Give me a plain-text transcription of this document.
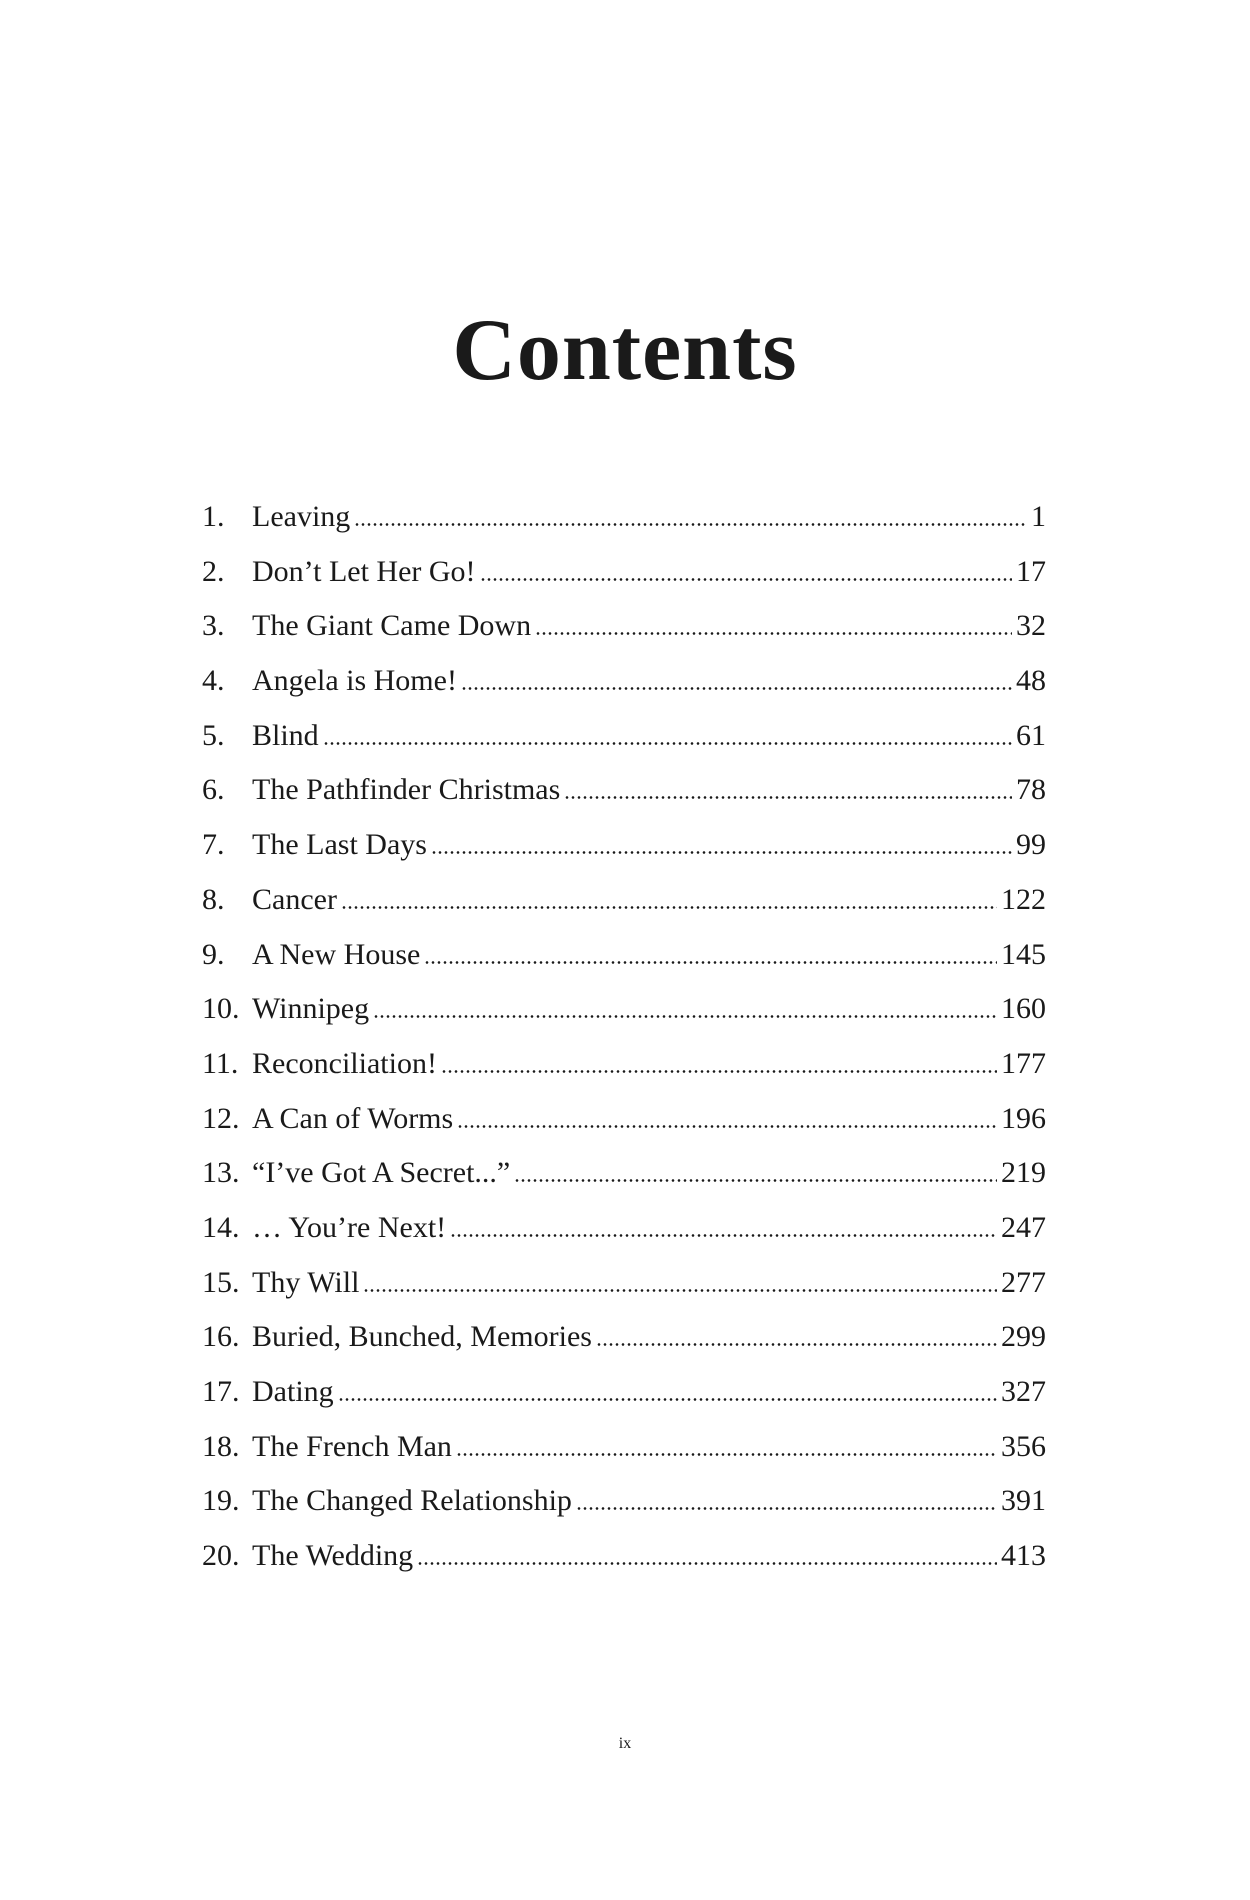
Contents
1. Leaving	1
2. Don’t Let Her Go!	17
3. The Giant Came Down	32
4. Angela is Home!	48
5. Blind	61
6. The Pathfinder Christmas	78
7. The Last Days	99
8. Cancer	122
9. A New House	145
10. Winnipeg	160
11. Reconciliation!	177
12. A Can of Worms	196
13. “I’ve Got A Secret...”	219
14. … You’re Next!	247
15. Thy Will	277
16. Buried, Bunched, Memories	299
17. Dating	327
18. The French Man	356
19. The Changed Relationship	391
20. The Wedding	413
ix
